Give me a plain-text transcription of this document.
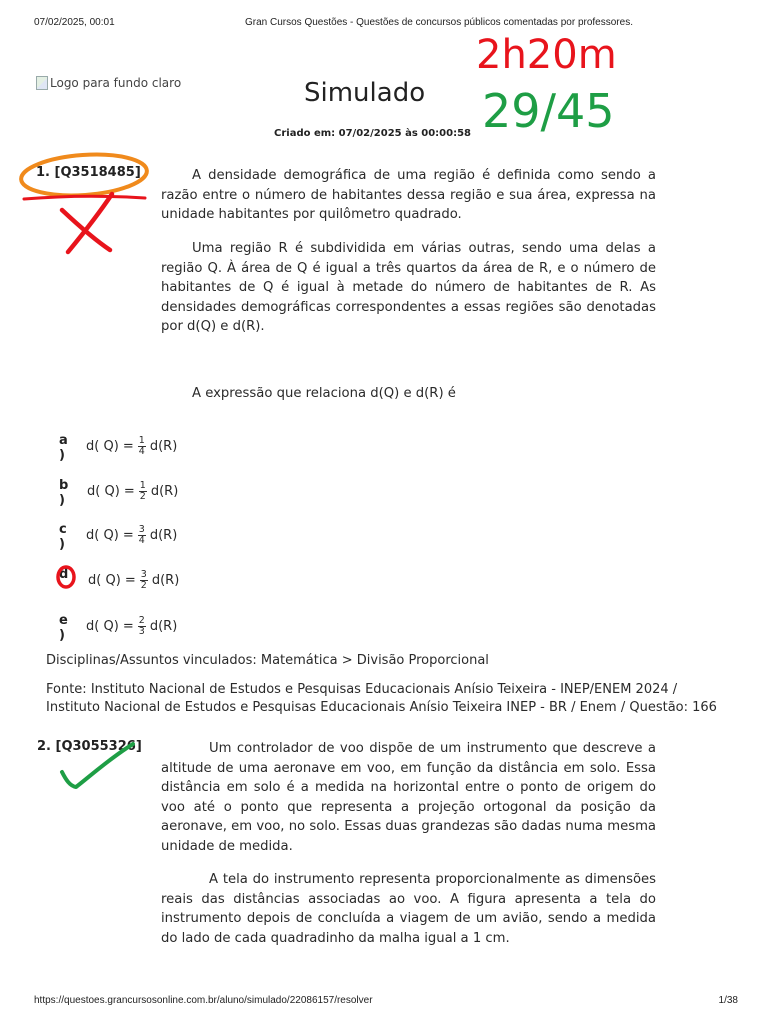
07/02/2025, 00:01	Gran Cursos Questões - Questões de concursos públicos comentadas por professores.
Logo para fundo claro	Simulado
Criado em: 07/02/2025 às 00:00:58
1. [Q3518485]	A densidade demográfica de uma região é definida como sendo a razão entre o número de habitantes dessa região e sua área, expressa na unidade habitantes por quilômetro quadrado.

Uma região R é subdividida em várias outras, sendo uma delas a região Q. À área de Q é igual a três quartos da área de R, e o número de habitantes de Q é igual à metade do número de habitantes de R. As densidades demográficas correspondentes a essas regiões são denotadas por d(Q) e d(R).

A expressão que relaciona d(Q) e d(R) é

a )
d( $Q) = \frac{1}{4} d(R)$
b )
d( $Q) = \frac{1}{2} d(R)$
c )
d( $Q) = \frac{3}{4} d(R)$
d d( $Q) = \frac{3}{2} d(R)$
e )
d( $Q) = \frac{2}{3} d(R)$

Disciplinas/Assuntos vinculados: Matemática > Divisão Proporcional

Fonte: Instituto Nacional de Estudos e Pesquisas Educacionais Anísio Teixeira - INEP/ENEM 2024 / Instituto Nacional de Estudos e Pesquisas Educacionais Anísio Teixeira INEP - BR / Enem / Questão: 166

2. [Q3055326]	Um controlador de voo dispõe de um instrumento que descreve a altitude de uma aeronave em voo, em função da distância em solo. Essa distância em solo é a medida na horizontal entre o ponto de origem do voo até o ponto que representa a projeção ortogonal da posição da aeronave, em voo, no solo. Essas duas grandezas são dadas numa mesma unidade de medida.

A tela do instrumento representa proporcionalmente as dimensões reais das distâncias associadas ao voo. A figura apresenta a tela do instrumento depois de concluída a viagem de um avião, sendo a medida do lado de cada quadradinho da malha igual a 1 cm.

2h20m
29/45
https://questoes.grancursosonline.com.br/aluno/simulado/22086157/resolver	1/38
